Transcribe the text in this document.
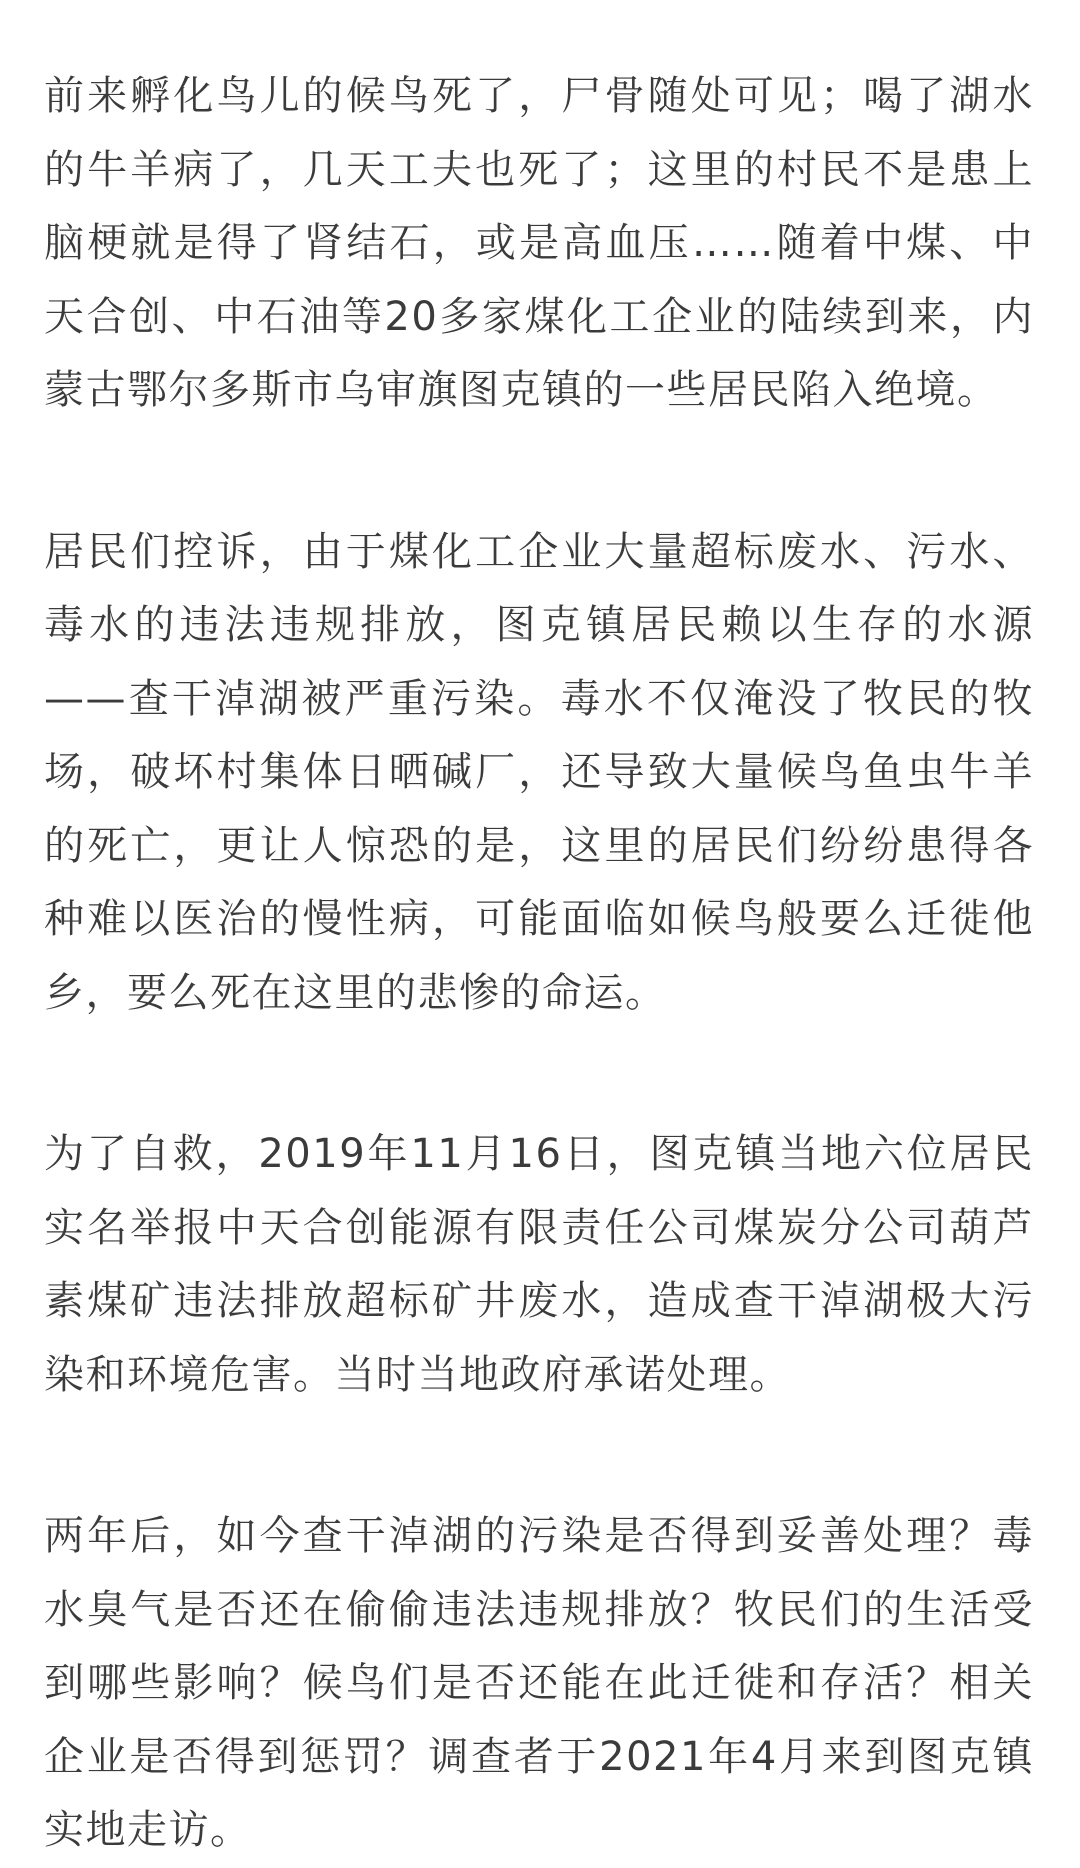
前来孵化鸟儿的候鸟死了，尸骨随处可见；喝了湖水的牛羊病了，几天工夫也死了；这里的村民不是患上脑梗就是得了肾结石，或是高血压……随着中煤、中天合创、中石油等20多家煤化工企业的陆续到来，内蒙古鄂尔多斯市乌审旗图克镇的一些居民陷入绝境。

居民们控诉，由于煤化工企业大量超标废水、污水、毒水的违法违规排放，图克镇居民赖以生存的水源——查干淖湖被严重污染。毒水不仅淹没了牧民的牧场，破坏村集体日晒碱厂，还导致大量候鸟鱼虫牛羊的死亡，更让人惊恐的是，这里的居民们纷纷患得各种难以医治的慢性病，可能面临如候鸟般要么迁徙他乡，要么死在这里的悲惨的命运。

为了自救，2019年11月16日，图克镇当地六位居民实名举报中天合创能源有限责任公司煤炭分公司葫芦素煤矿违法排放超标矿井废水，造成查干淖湖极大污染和环境危害。当时当地政府承诺处理。

两年后，如今查干淖湖的污染是否得到妥善处理？毒水臭气是否还在偷偷违法违规排放？牧民们的生活受到哪些影响？候鸟们是否还能在此迁徙和存活？相关企业是否得到惩罚？调查者于2021年4月来到图克镇实地走访。
